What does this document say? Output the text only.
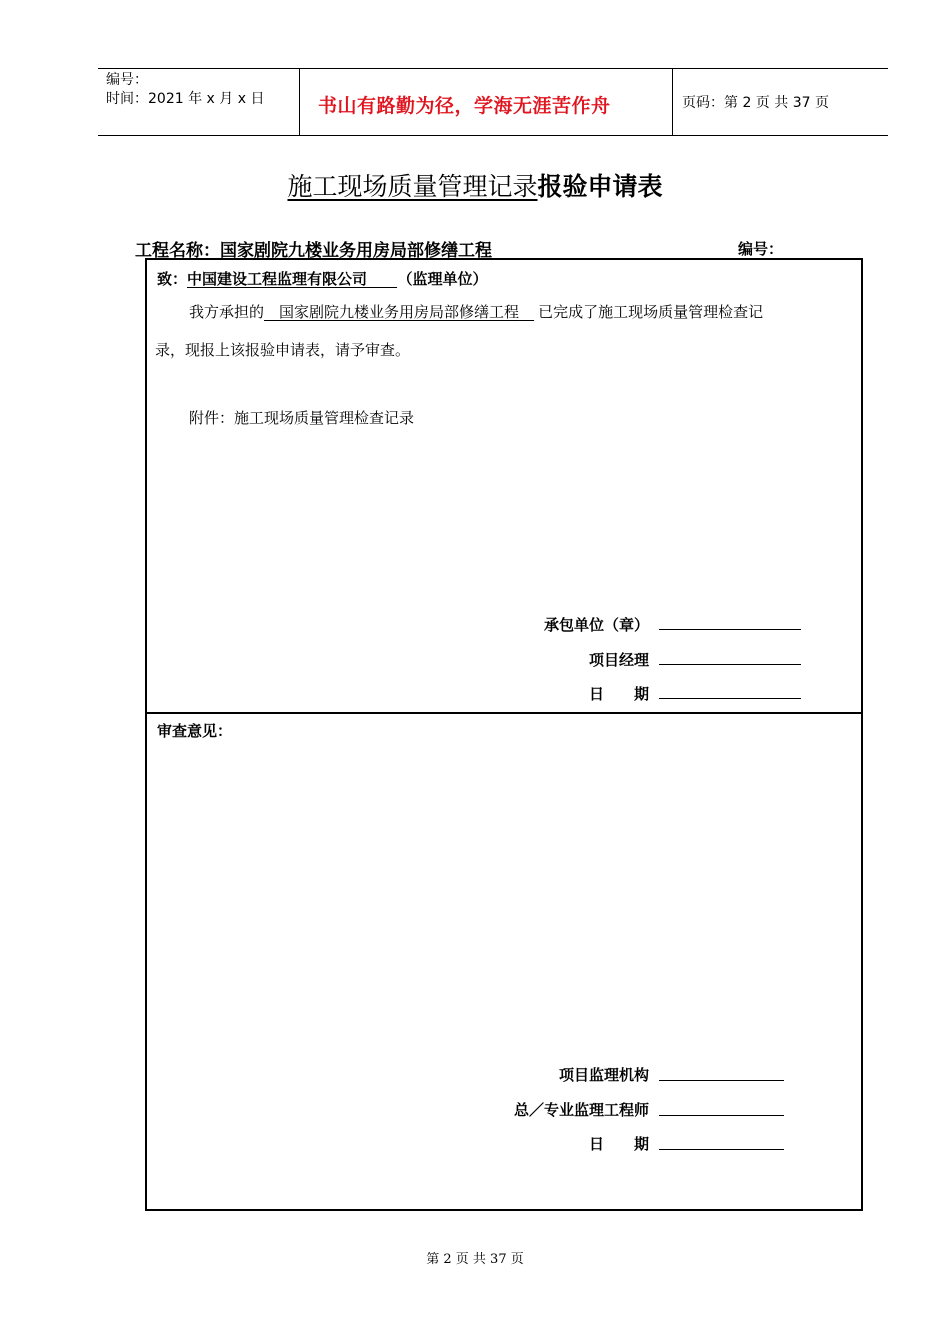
编号：
时间：2021 年 x 月 x 日	书山有路勤为径，学海无涯苦作舟	页码：第 2 页 共 37 页
施工现场质量管理记录报验申请表
工程名称：国家剧院九楼业务用房局部修缮工程	编号：
致：中国建设工程监理有限公司　　	（监理单位）
我方承担的　 国家剧院九楼业务用房局部修缮工程　 已完成了施工现场质量管理检查记
录，现报上该报验申请表，请予审查。
附件：施工现场质量管理检查记录
承包单位（章）
项目经理
日　　期
审查意见：
项目监理机构
总／专业监理工程师
日　　期
第 2 页 共 37 页
